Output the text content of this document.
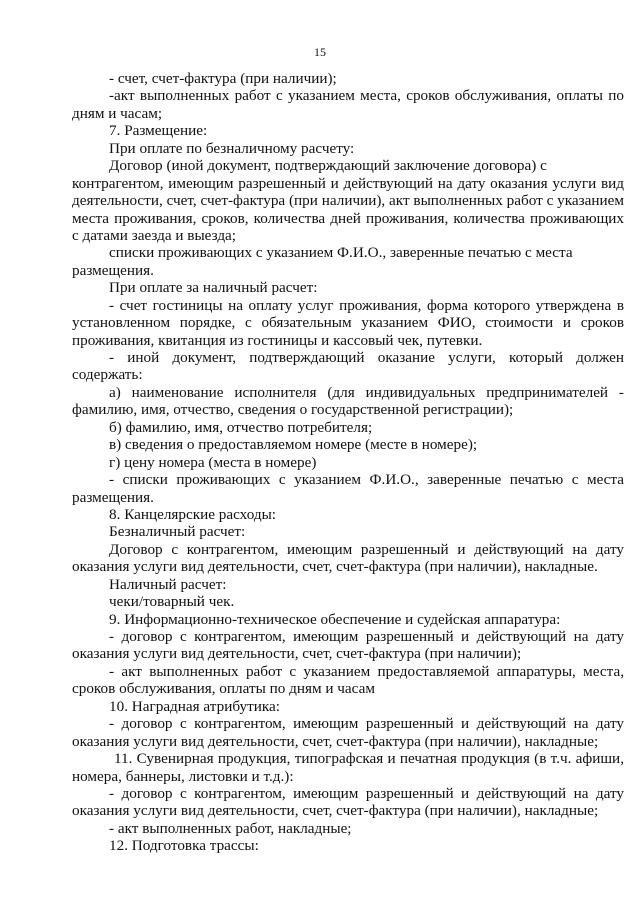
15
- счет, счет-фактура (при наличии);
-акт выполненных работ с указанием места, сроков обслуживания, оплаты по
дням и часам;
7. Размещение:
При оплате по безналичному расчету:
Договор (иной документ, подтверждающий заключение договора) с
контрагентом, имеющим разрешенный и действующий на дату оказания услуги вид
деятельности, счет, счет-фактура (при наличии), акт выполненных работ с указанием
места проживания, сроков, количества дней проживания, количества проживающих
с датами заезда и выезда;
списки проживающих с указанием Ф.И.О., заверенные печатью с места
размещения.
При оплате за наличный расчет:
- счет гостиницы на оплату услуг проживания, форма которого утверждена в
установленном порядке, с обязательным указанием ФИО, стоимости и сроков
проживания, квитанция из гостиницы и кассовый чек, путевки.
- иной документ, подтверждающий оказание услуги, который должен
содержать:
а) наименование исполнителя (для индивидуальных предпринимателей -
фамилию, имя, отчество, сведения о государственной регистрации);
б) фамилию, имя, отчество потребителя;
в) сведения о предоставляемом номере (месте в номере);
г) цену номера (места в номере)
- списки проживающих с указанием Ф.И.О., заверенные печатью с места
размещения.
8. Канцелярские расходы:
Безналичный расчет:
Договор с контрагентом, имеющим разрешенный и действующий на дату
оказания услуги вид деятельности, счет, счет-фактура (при наличии), накладные.
Наличный расчет:
чеки/товарный чек.
9. Информационно-техническое обеспечение и судейская аппаратура:
- договор с контрагентом, имеющим разрешенный и действующий на дату
оказания услуги вид деятельности, счет, счет-фактура (при наличии);
- акт выполненных работ с указанием предоставляемой аппаратуры, места,
сроков обслуживания, оплаты по дням и часам
10. Наградная атрибутика:
- договор с контрагентом, имеющим разрешенный и действующий на дату
оказания услуги вид деятельности, счет, счет-фактура (при наличии), накладные;
11. Сувенирная продукция, типографская и печатная продукция (в т.ч. афиши,
номера, баннеры, листовки и т.д.):
- договор с контрагентом, имеющим разрешенный и действующий на дату
оказания услуги вид деятельности, счет, счет-фактура (при наличии), накладные;
- акт выполненных работ, накладные;
12. Подготовка трассы:
